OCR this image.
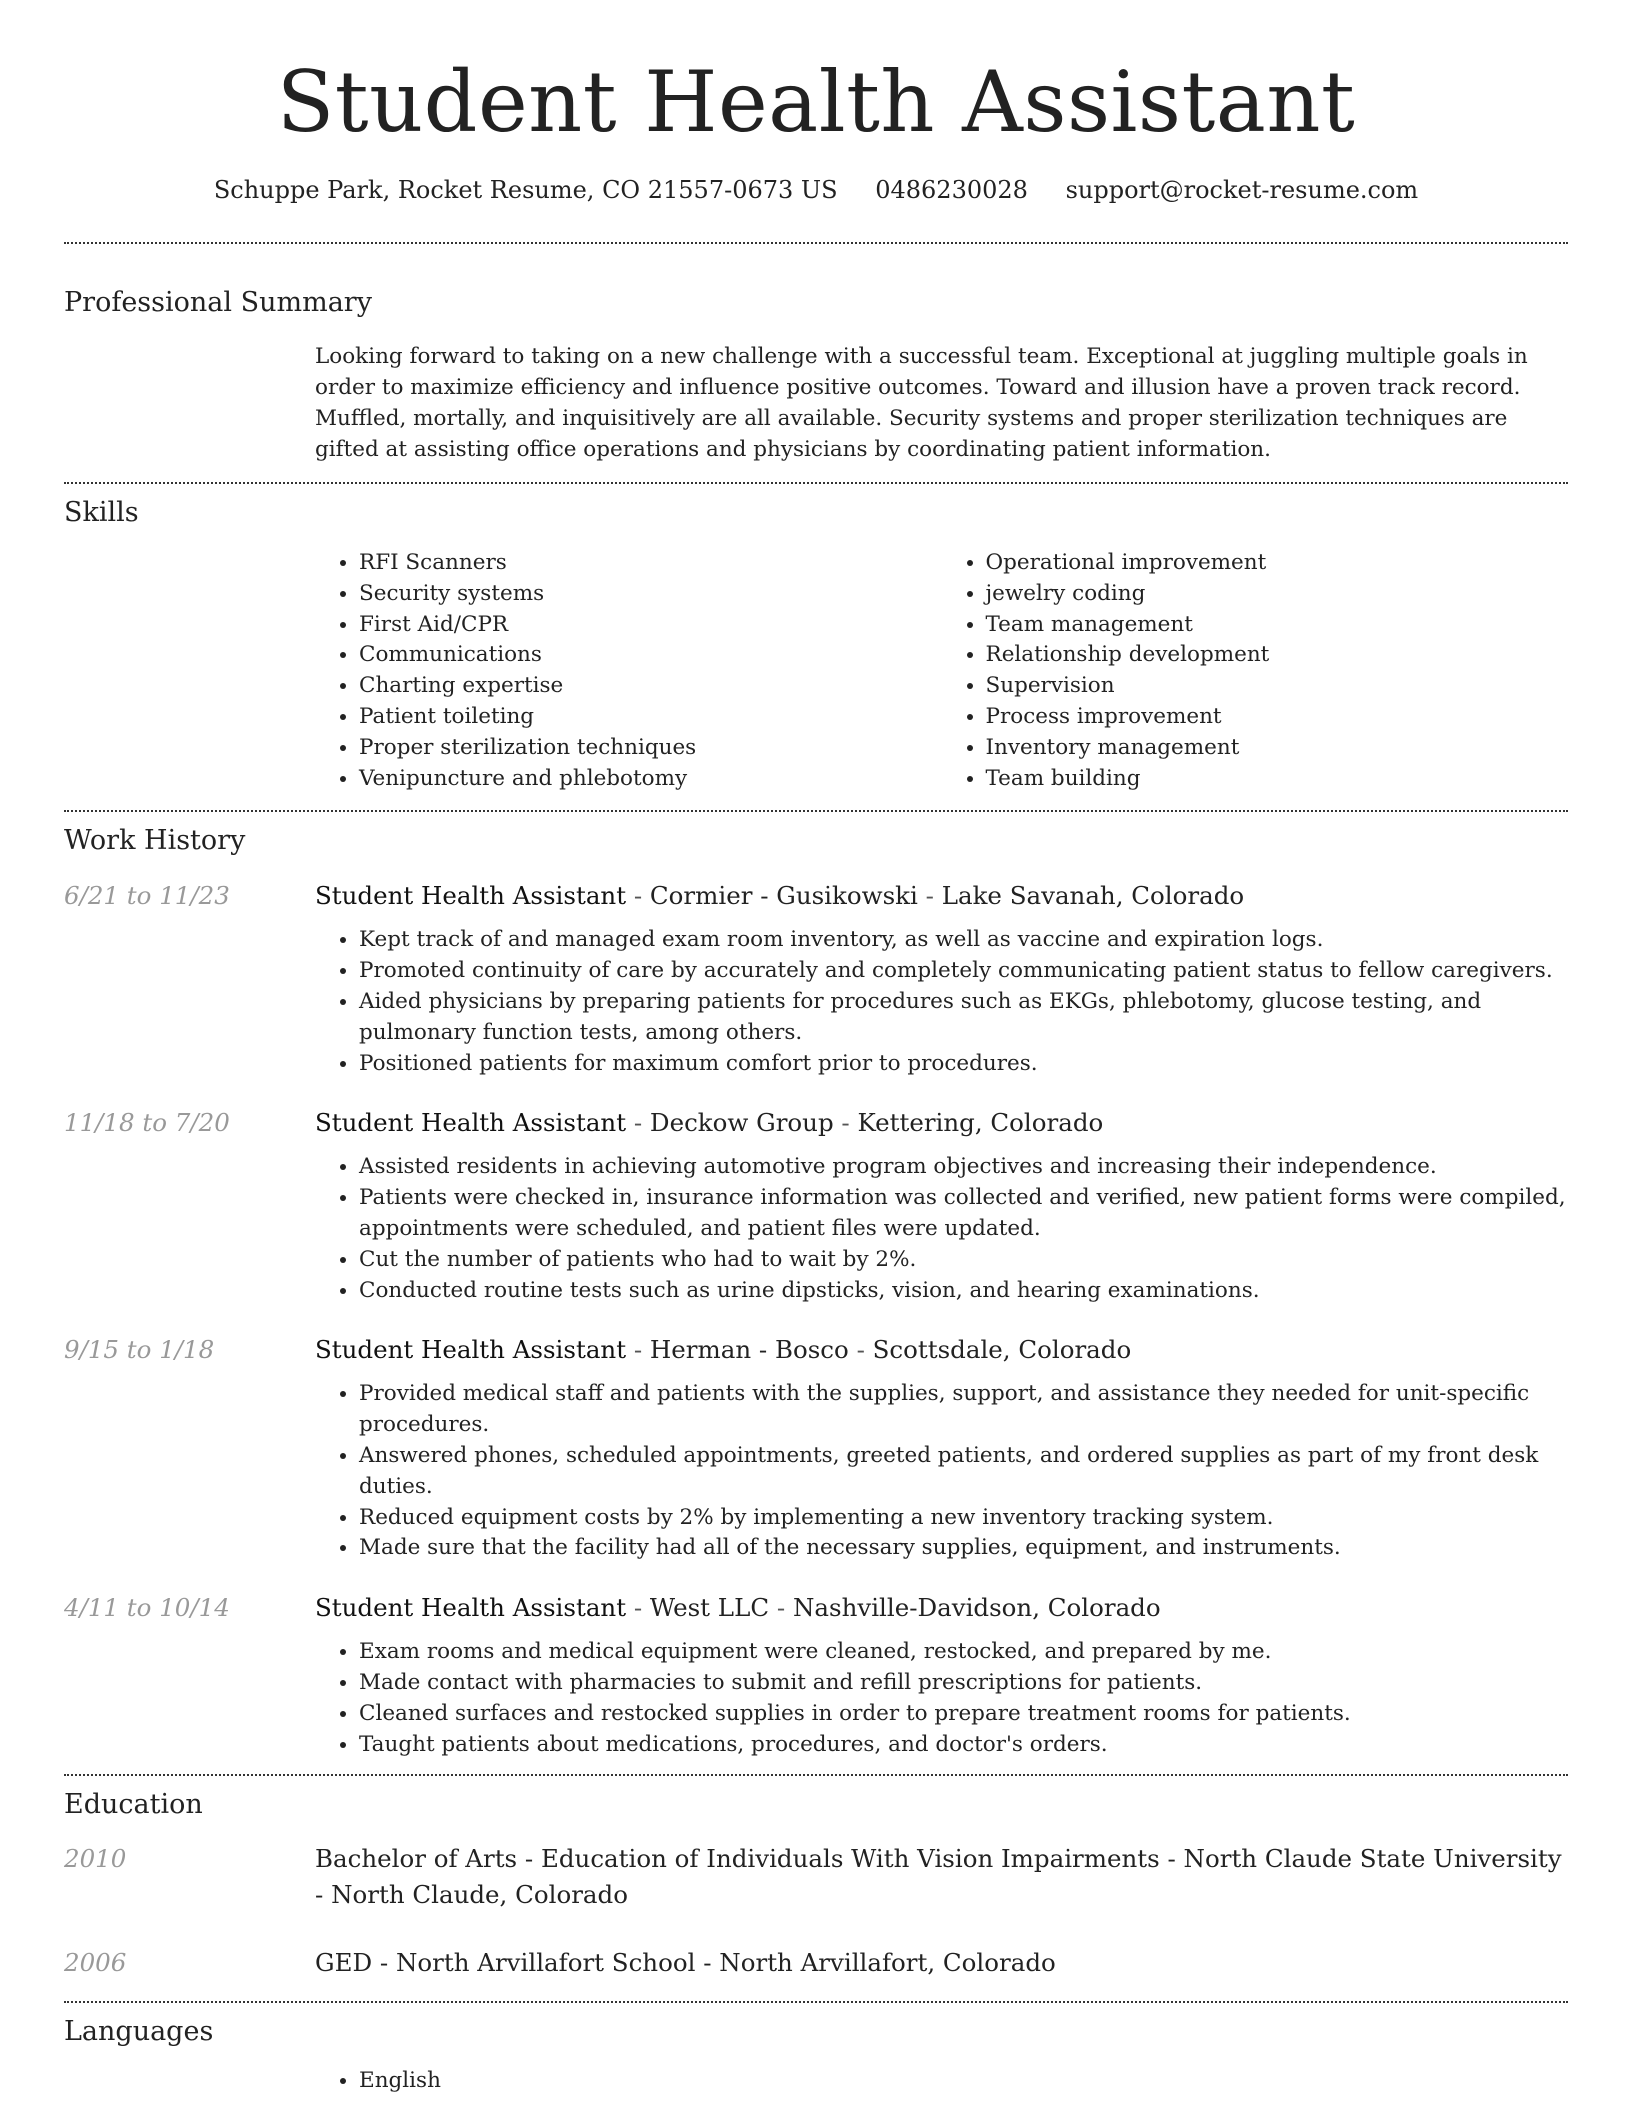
Student Health Assistant
Schuppe Park, Rocket Resume, CO 21557-0673 US 0486230028 support@rocket-resume.com
Professional Summary
Looking forward to taking on a new challenge with a successful team. Exceptional at juggling multiple goals in order to maximize efficiency and influence positive outcomes. Toward and illusion have a proven track record. Muffled, mortally, and inquisitively are all available. Security systems and proper sterilization techniques are gifted at assisting office operations and physicians by coordinating patient information.
Skills
• RFI Scanners
• Security systems
• First Aid/CPR
• Communications
• Charting expertise
• Patient toileting
• Proper sterilization techniques
• Venipuncture and phlebotomy
• Operational improvement
• jewelry coding
• Team management
• Relationship development
• Supervision
• Process improvement
• Inventory management
• Team building
Work History
6/21 to 11/23	Student Health Assistant - Cormier - Gusikowski - Lake Savanah, Colorado
• Kept track of and managed exam room inventory, as well as vaccine and expiration logs.
• Promoted continuity of care by accurately and completely communicating patient status to fellow caregivers.
• Aided physicians by preparing patients for procedures such as EKGs, phlebotomy, glucose testing, and pulmonary function tests, among others.
• Positioned patients for maximum comfort prior to procedures.
11/18 to 7/20	Student Health Assistant - Deckow Group - Kettering, Colorado
• Assisted residents in achieving automotive program objectives and increasing their independence.
• Patients were checked in, insurance information was collected and verified, new patient forms were compiled, appointments were scheduled, and patient files were updated.
• Cut the number of patients who had to wait by 2%.
• Conducted routine tests such as urine dipsticks, vision, and hearing examinations.
9/15 to 1/18	Student Health Assistant - Herman - Bosco - Scottsdale, Colorado
• Provided medical staff and patients with the supplies, support, and assistance they needed for unit-specific procedures.
• Answered phones, scheduled appointments, greeted patients, and ordered supplies as part of my front desk duties.
• Reduced equipment costs by 2% by implementing a new inventory tracking system.
• Made sure that the facility had all of the necessary supplies, equipment, and instruments.
4/11 to 10/14	Student Health Assistant - West LLC - Nashville-Davidson, Colorado
• Exam rooms and medical equipment were cleaned, restocked, and prepared by me.
• Made contact with pharmacies to submit and refill prescriptions for patients.
• Cleaned surfaces and restocked supplies in order to prepare treatment rooms for patients.
• Taught patients about medications, procedures, and doctor's orders.
Education
2010	Bachelor of Arts - Education of Individuals With Vision Impairments - North Claude State University - North Claude, Colorado
2006	GED - North Arvillafort School - North Arvillafort, Colorado
Languages
• English
